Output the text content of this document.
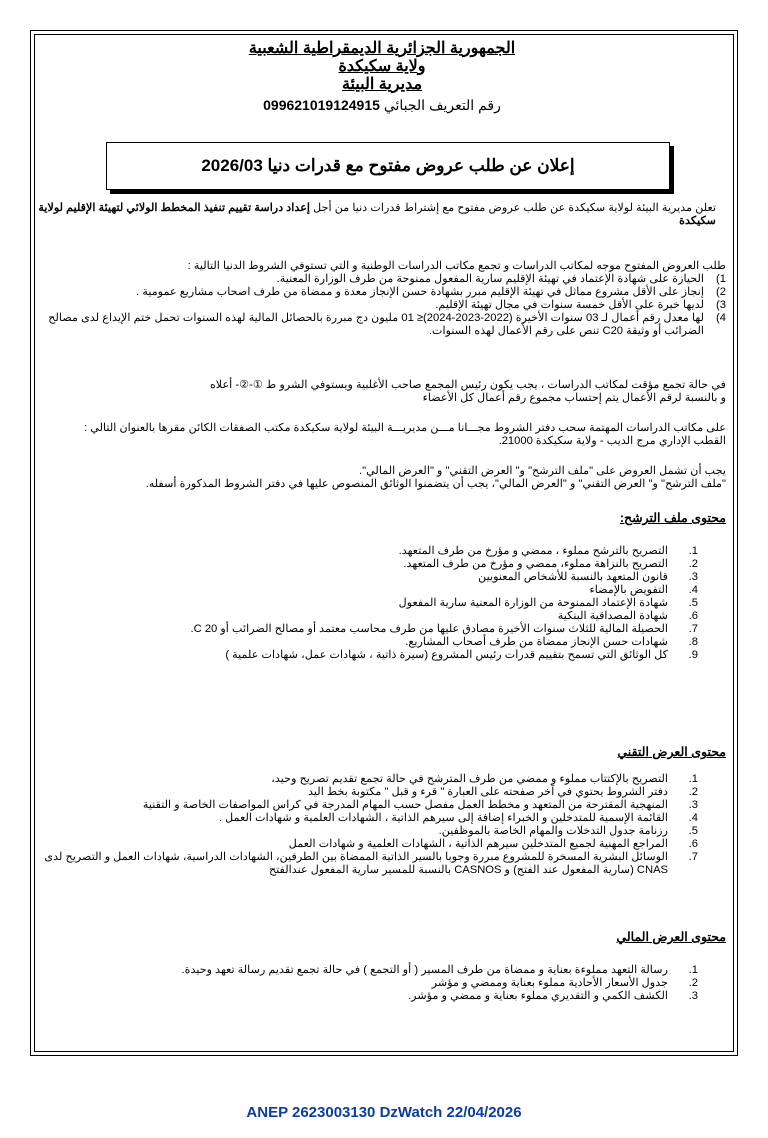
الجمهورية الجزائرية الديمقراطية الشعبية
ولاية سكيكدة
مديرية البيئة
رقم التعريف الجبائي 099621019124915
إعلان عن طلب عروض مفتوح مع قدرات دنيا 2026/03

تعلن مديرية البيئة لولاية سكيكدة عن طلب عروض مفتوح مع إشتراط قدرات دنيا من أجل إعداد دراسة تقييم تنفيذ المخطط الولائي لتهيئة الإقليم لولاية سكيكدة

طلب العروض المفتوح موجه لمكاتب الدراسات و تجمع مكاتب الدراسات الوطنية و التي تستوفي الشروط الدنيا التالية :

1)
الحيازة على شهادة الإعتماد في تهيئة الإقليم سارية المفعول ممنوحة من طرف الوزارة المعنية.
2)
إنجاز على الأقل مشروع مماثل في تهيئة الإقليم مبرر بشهادة حسن الإنجاز معدة و ممضاة من طرف اصحاب مشاريع عمومية .
3)
لديها خبرة على الأقل خمسة سنوات في مجال تهيئة الإقليم.
4)
لها معدل رقم أعمال لـ 03 سنوات الأخيرة (2022-2023-2024)≤ 01 مليون دج مبررة بالحصائل المالية لهذه السنوات تحمل ختم الإيداع لدى مصالح الضرائب أو وثيقة C20 تنص على رقم الأعمال لهذه السنوات.

في حالة تجمع مؤقت لمكاتب الدراسات ، يجب يكون رئيس المجمع صاحب الأغلبية ويستوفي الشرو ط ①-②- أعلاه

و بالنسبة لرقم الأعمال يتم إحتساب مجموع رقم أعمال كل الأعضاء

على مكاتب الدراسات المهتمة سحب دفتر الشروط مجـــانا مـــن مديريـــة البيئة لولاية سكيكدة مكتب الصفقات الكائن مقرها بالعنوان التالي :

القطب الإداري مرج الديب - ولاية سكيكدة 21000.

يجب أن تشمل العروض على "ملف الترشح" و" العرض التقني" و "العرض المالي".

"ملف الترشح" و" العرض التقني" و "العرض المالي"، يجب أن يتضمنوا الوثائق المنصوص عليها في دفتر الشروط المذكورة أسفله.

محتوى ملف الترشح:
1.
التصريح بالترشح مملوء ، ممضي و مؤرخ من طرف المتعهد.
2.
التصريح بالنزاهة مملوء، ممضي و مؤرخ من طرف المتعهد.
3.
قانون المتعهد بالنسبة للأشخاص المعنويين
4.
التفويض بالإمضاء
5.
شهادة الإعتماد الممنوحة من الوزارة المعنية سارية المفعول
6.
شهادة المصداقية البنكية
7.
الحصيلة المالية للثلاث سنوات الأخيرة مصادق عليها من طرف محاسب معتمد أو مصالح الضرائب أو 20 C.
8.
شهادات حسن الإنجاز ممضاة من طرف أصحاب المشاريع.
9.
كل الوثائق التي تسمح بتقييم قدرات رئيس المشروع (سيرة ذاتية ، شهادات عمل، شهادات علمية )
محتوى العرض التقني
1.
التصريح بالإكتتاب مملوء و ممضي من طرف المترشح في حالة تجمع تقديم تصريح وحيد،
2.
دفتر الشروط يحتوي في آخر صفحته على العبارة " قرء و قبل " مكتوبة بخط اليد
3.
المنهجية المقترحة من المتعهد و مخطط العمل مفصل حسب المهام المدرجة في كراس المواصفات الخاصة و التقنية
4.
القائمة الإسمية للمتدخلين و الخبراء إضافة إلى سيرهم الذاتية ، الشهادات العلمية و شهادات العمل .
5.
رزنامة جدول التدخلات والمهام الخاصة بالموظفين.
6.
المراجع المهنية لجميع المتدخلين سيرهم الذاتية ، الشهادات العلمية و شهادات العمل
7.
الوسائل البشرية المسخرة للمشروع مبررة وجوبا بالسير الذاتية الممضاة بين الطرفين، الشهادات الدراسية، شهادات العمل و التصريح لدى CNAS (سارية المفعول عند الفتح) و CASNOS بالنسبة للمسير سارية المفعول عندالفتح
محتوى العرض المالي
1.
رسالة التعهد مملوءة بعناية و ممضاة من طرف المسير ( أو التجمع ) في حالة تجمع تقديم رسالة تعهد وحيدة.
2.
جدول الأسعار الأحادية مملوء بعناية وممضي و مؤشر
3.
الكشف الكمي و التقديري مملوء بعناية و ممضي و مؤشر.
ANEP 2623003130 DzWatch 22/04/2026
